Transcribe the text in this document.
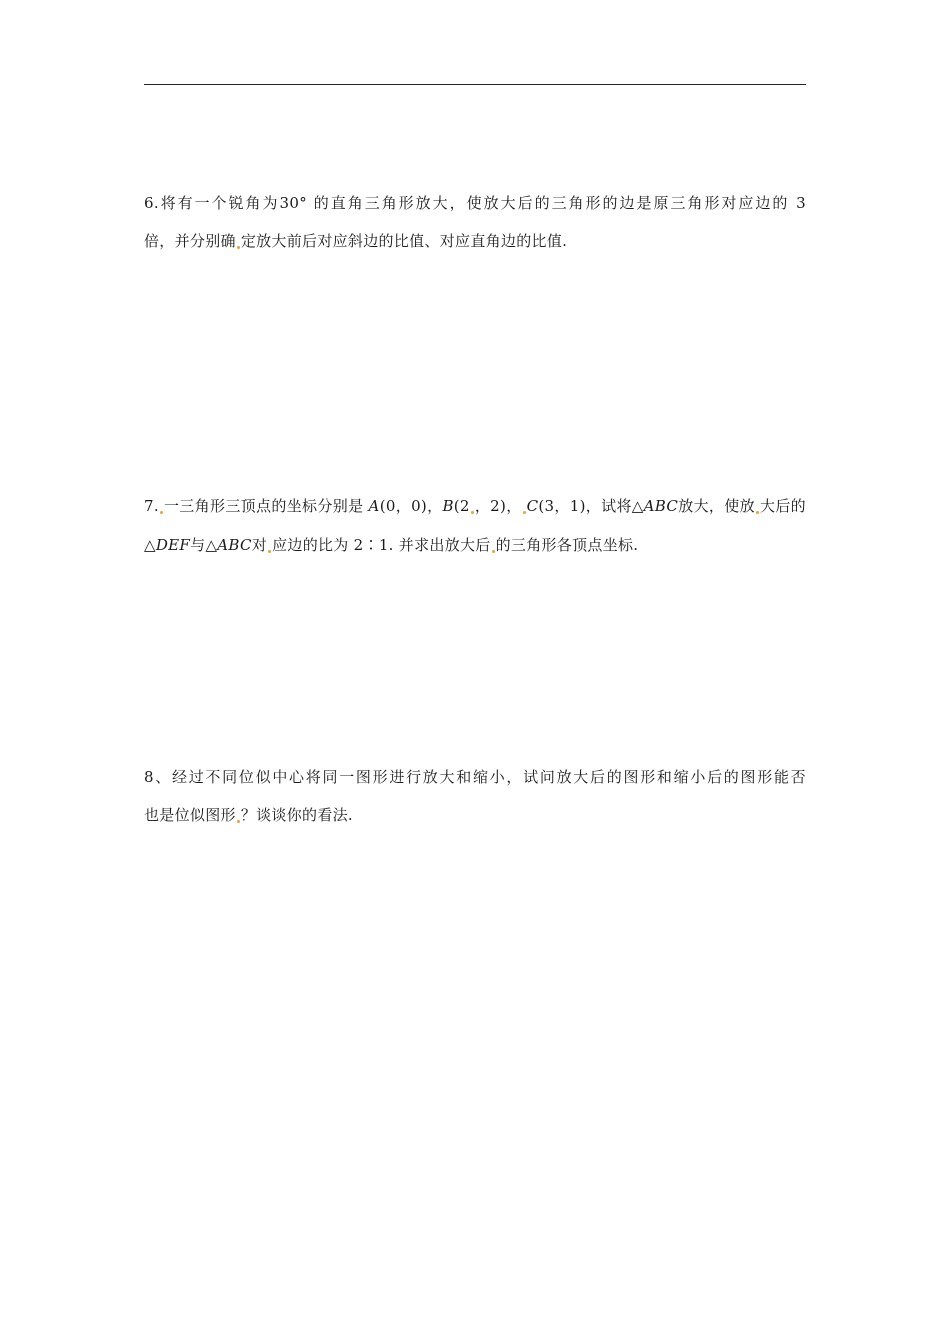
6.将有一个锐角为30° 的直角三角形放大，使放大后的三角形的边是原三角形对应边的 3
倍，并分别确 定放大前后对应斜边的比值、对应直角边的比值.
7. 一三角形三顶点的坐标分别是 A(0，0)，B(2 ，2)， C(3，1)，试将△ABC放大，使放 大后的
△DEF与△ABC对 应边的比为 2∶1. 并求出放大后 的三角形各顶点坐标.
8、经过不同位似中心将同一图形进行放大和缩小，试问放大后的图形和缩小后的图形能否
也是位似图形 ？谈谈你的看法.
